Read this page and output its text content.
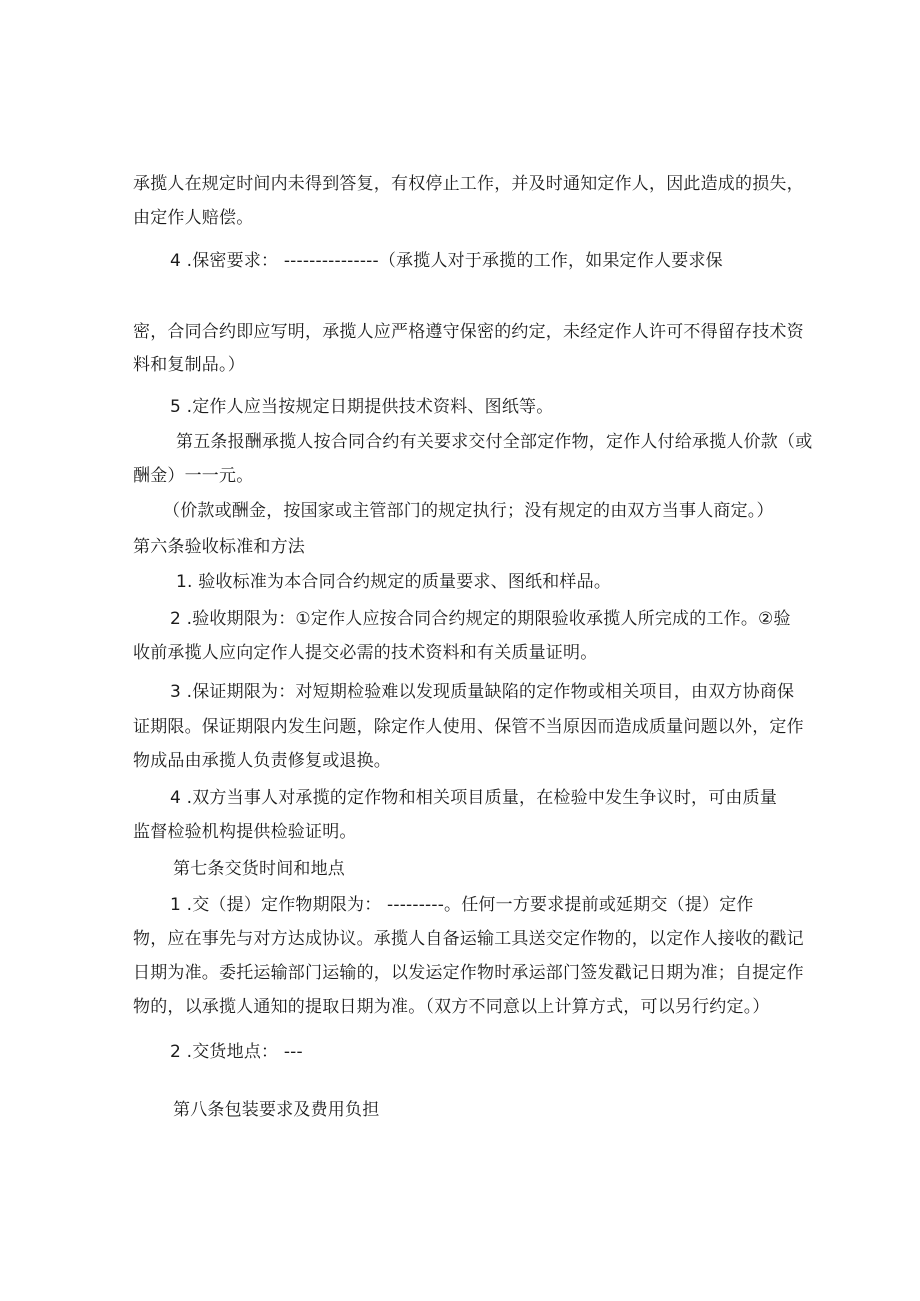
承揽人在规定时间内未得到答复，有权停止工作，并及时通知定作人，因此造成的损失，
由定作人赔偿。
4 .保密要求： ---------------（承揽人对于承揽的工作，如果定作人要求保
密，合同合约即应写明，承揽人应严格遵守保密的约定，未经定作人许可不得留存技术资
料和复制品。）
5 .定作人应当按规定日期提供技术资料、图纸等。
第五条报酬承揽人按合同合约有关要求交付全部定作物，定作人付给承揽人价款（或
酬金）一一元。
（价款或酬金，按国家或主管部门的规定执行；没有规定的由双方当事人商定。）
第六条验收标准和方法
1. 验收标准为本合同合约规定的质量要求、图纸和样品。
2 .验收期限为：①定作人应按合同合约规定的期限验收承揽人所完成的工作。②验
收前承揽人应向定作人提交必需的技术资料和有关质量证明。
3 .保证期限为：对短期检验难以发现质量缺陷的定作物或相关项目，由双方协商保
证期限。保证期限内发生问题，除定作人使用、保管不当原因而造成质量问题以外，定作
物成品由承揽人负责修复或退换。
4 .双方当事人对承揽的定作物和相关项目质量，在检验中发生争议时，可由质量
监督检验机构提供检验证明。
第七条交货时间和地点
1 .交（提）定作物期限为： ---------。任何一方要求提前或延期交（提）定作
物，应在事先与对方达成协议。承揽人自备运输工具送交定作物的，以定作人接收的戳记
日期为准。委托运输部门运输的，以发运定作物时承运部门签发戳记日期为准；自提定作
物的，以承揽人通知的提取日期为准。（双方不同意以上计算方式，可以另行约定。）
2 .交货地点： ---
第八条包装要求及费用负担
